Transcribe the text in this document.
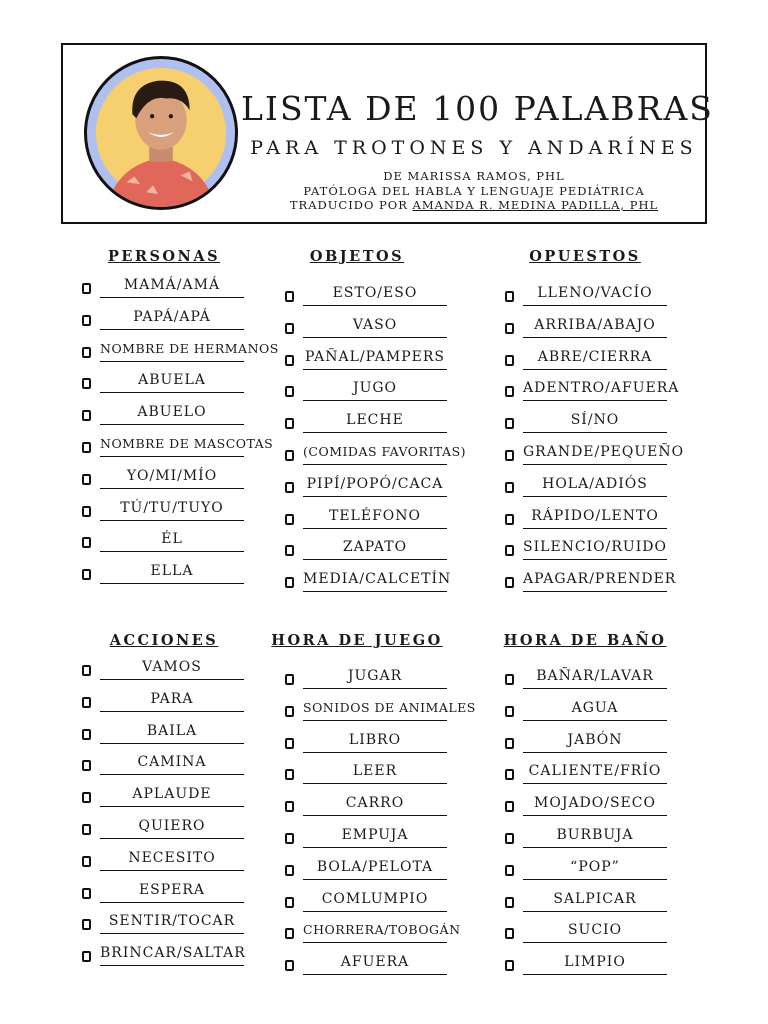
LISTA DE 100 PALABRAS
PARA TROTONES Y ANDARÍNES
DE MARISSA RAMOS, PHL
PATÓLOGA DEL HABLA Y LENGUAJE PEDIÁTRICA
TRADUCIDO POR AMANDA R. MEDINA PADILLA, PHL
PERSONAS
MAMÁ/AMÁ
PAPÁ/APÁ
NOMBRE DE HERMANOS
ABUELA
ABUELO
NOMBRE DE MASCOTAS
YO/MI/MÍO
TÚ/TU/TUYO
ÉL
ELLA
OBJETOS
ESTO/ESO
VASO
PAÑAL/PAMPERS
JUGO
LECHE
(COMIDAS FAVORITAS)
PIPÍ/POPÓ/CACA
TELÉFONO
ZAPATO
MEDIA/CALCETÍN
OPUESTOS
LLENO/VACÍO
ARRIBA/ABAJO
ABRE/CIERRA
ADENTRO/AFUERA
SÍ/NO
GRANDE/PEQUEÑO
HOLA/ADIÓS
RÁPIDO/LENTO
SILENCIO/RUIDO
APAGAR/PRENDER
ACCIONES
VAMOS
PARA
BAILA
CAMINA
APLAUDE
QUIERO
NECESITO
ESPERA
SENTIR/TOCAR
BRINCAR/SALTAR
HORA DE JUEGO
JUGAR
SONIDOS DE ANIMALES
LIBRO
LEER
CARRO
EMPUJA
BOLA/PELOTA
COMLUMPIO
CHORRERA/TOBOGÁN
AFUERA
HORA DE BAÑO
BAÑAR/LAVAR
AGUA
JABÓN
CALIENTE/FRÍO
MOJADO/SECO
BURBUJA
“POP”
SALPICAR
SUCIO
LIMPIO
